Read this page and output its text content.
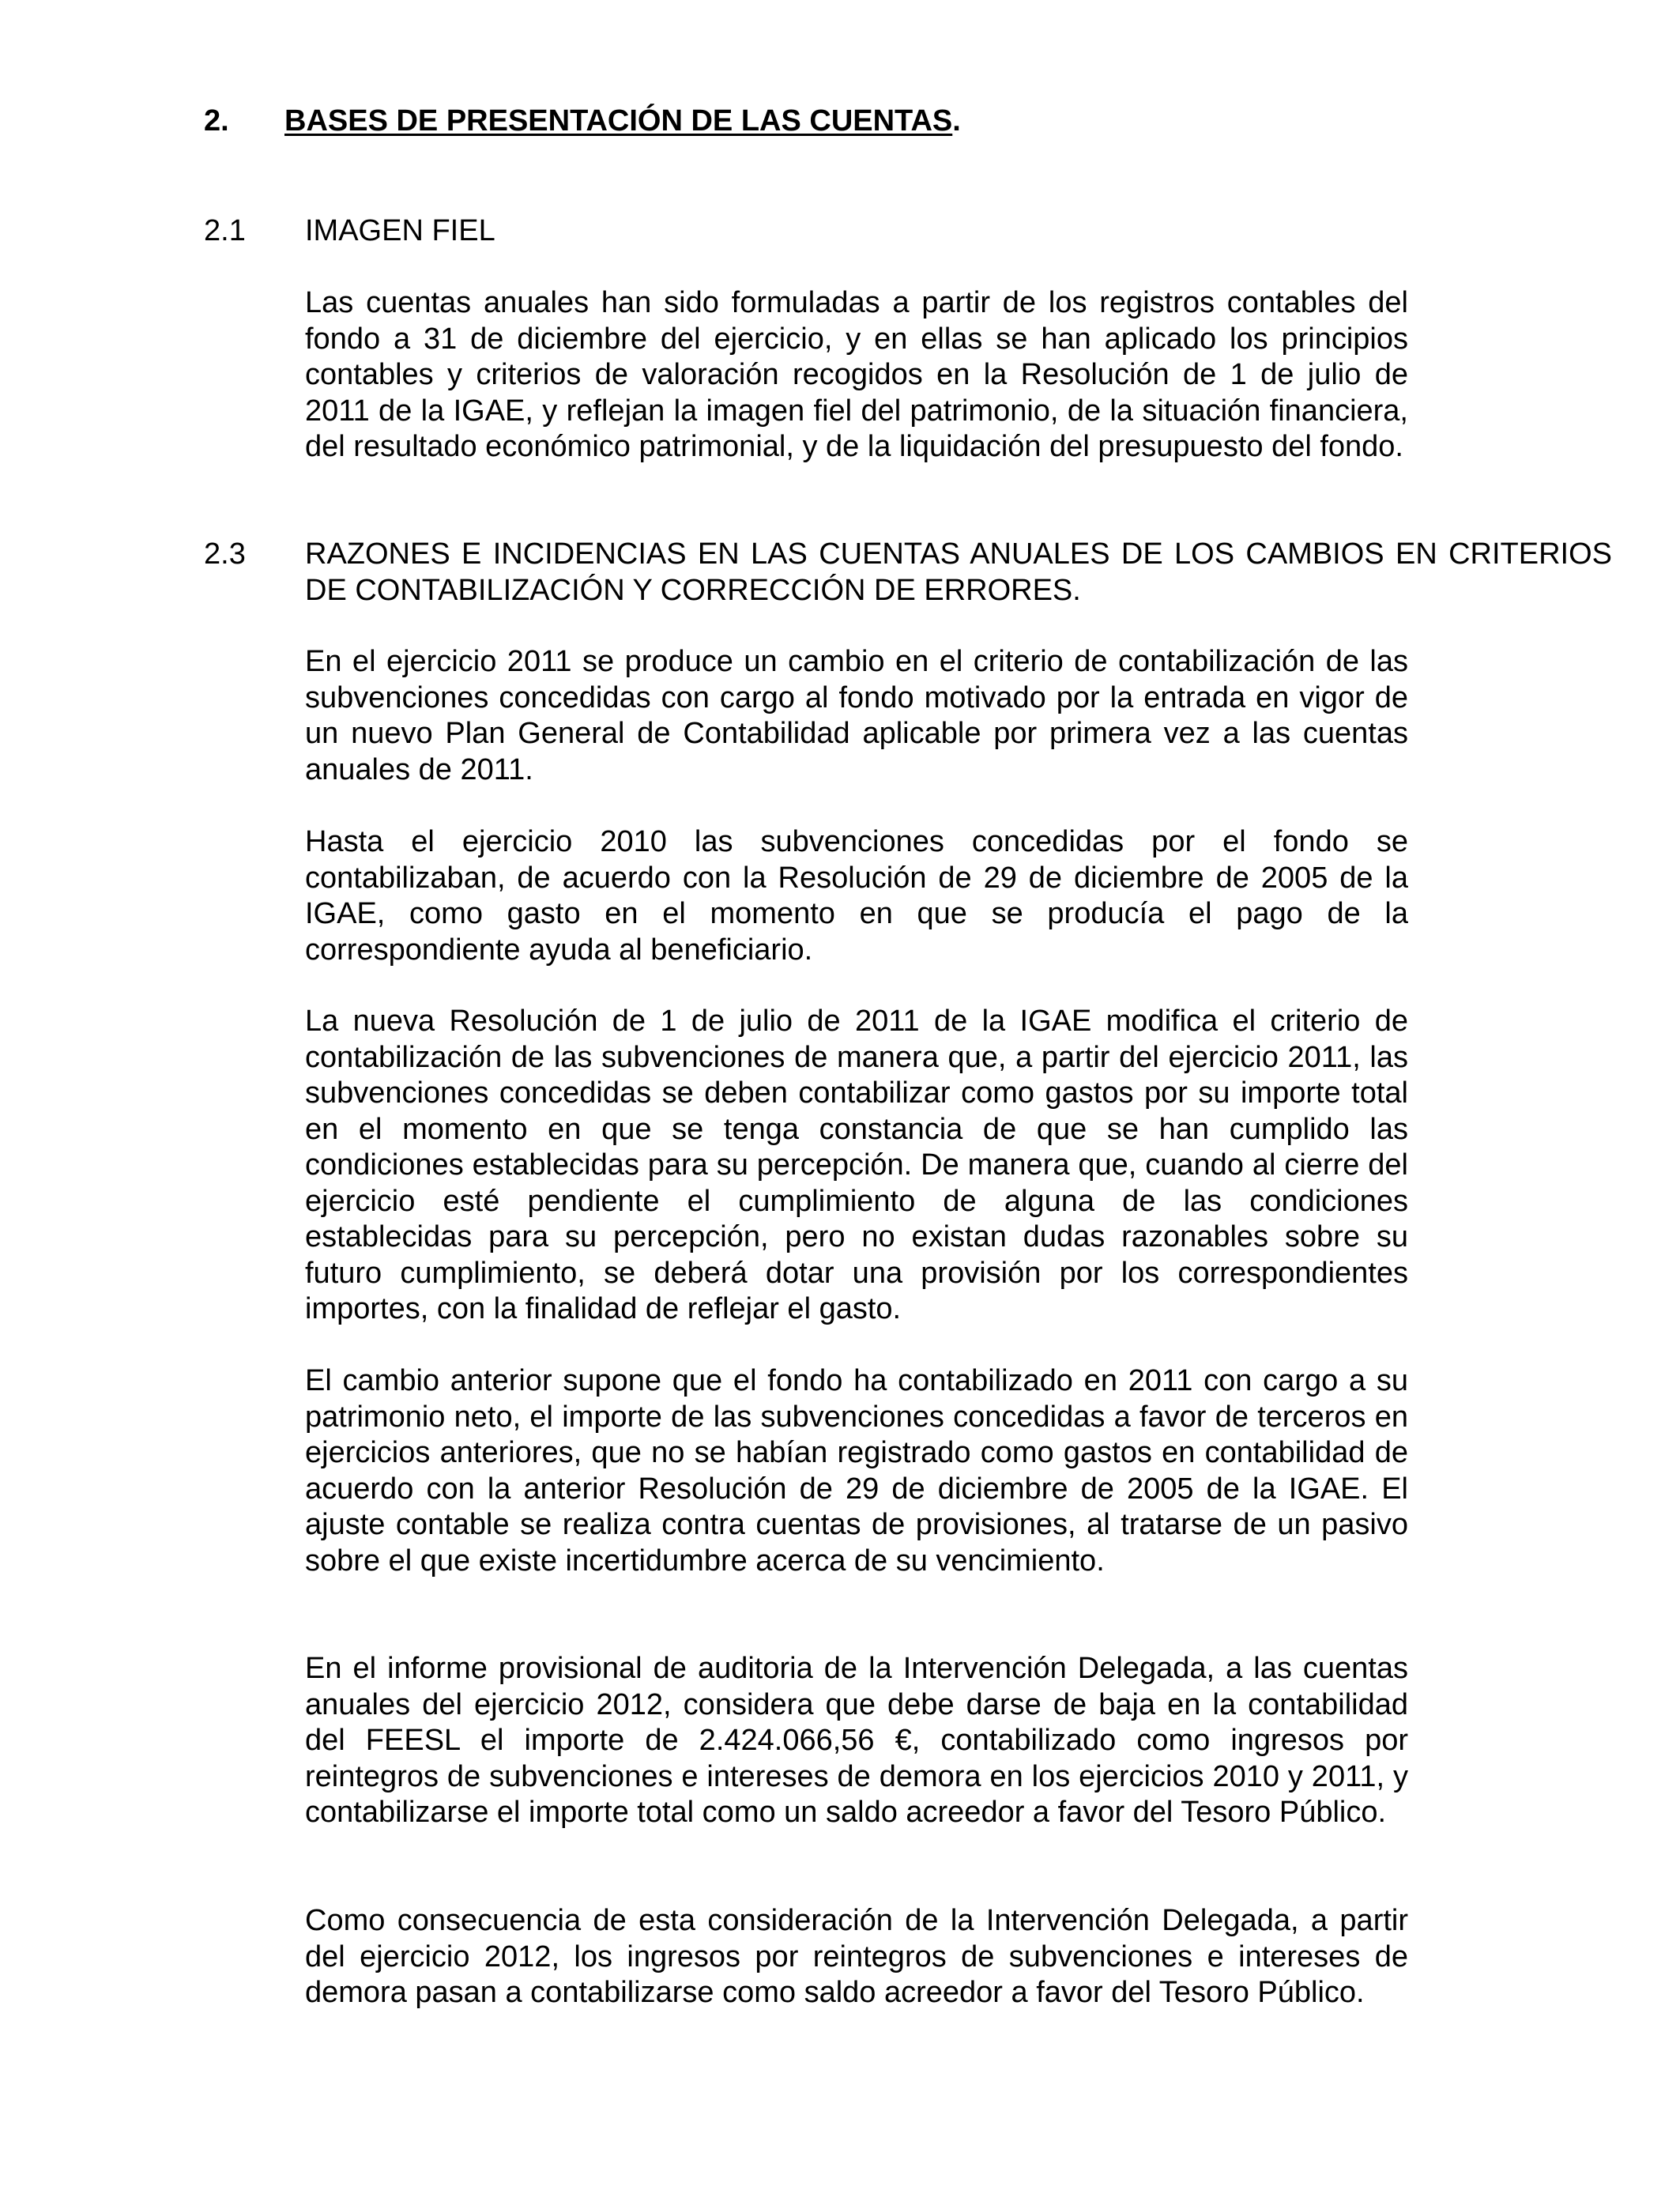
2. BASES DE PRESENTACIÓN DE LAS CUENTAS.
2.1	IMAGEN FIEL

Las cuentas anuales han sido formuladas a partir de los registros contables del fondo a 31 de diciembre del ejercicio, y en ellas se han aplicado los principios contables y criterios de valoración recogidos en la Resolución de 1 de julio de 2011 de la IGAE, y reflejan la imagen fiel del patrimonio, de la situación financiera, del resultado económico patrimonial, y de la liquidación del presupuesto del fondo.

2.3	RAZONES E INCIDENCIAS EN LAS CUENTAS ANUALES DE LOS CAMBIOS EN CRITERIOS DE CONTABILIZACIÓN Y CORRECCIÓN DE ERRORES.

En el ejercicio 2011 se produce un cambio en el criterio de contabilización de las subvenciones concedidas con cargo al fondo motivado por la entrada en vigor de un nuevo Plan General de Contabilidad aplicable por primera vez a las cuentas anuales de 2011.

Hasta el ejercicio 2010 las subvenciones concedidas por el fondo se contabilizaban, de acuerdo con la Resolución de 29 de diciembre de 2005 de la IGAE, como gasto en el momento en que se producía el pago de la correspondiente ayuda al beneficiario.

La nueva Resolución de 1 de julio de 2011 de la IGAE modifica el criterio de contabilización de las subvenciones de manera que, a partir del ejercicio 2011, las subvenciones concedidas se deben contabilizar como gastos por su importe total en el momento en que se tenga constancia de que se han cumplido las condiciones establecidas para su percepción. De manera que, cuando al cierre del ejercicio esté pendiente el cumplimiento de alguna de las condiciones establecidas para su percepción, pero no existan dudas razonables sobre su futuro cumplimiento, se deberá dotar una provisión por los correspondientes importes, con la finalidad de reflejar el gasto.

El cambio anterior supone que el fondo ha contabilizado en 2011 con cargo a su patrimonio neto, el importe de las subvenciones concedidas a favor de terceros en ejercicios anteriores, que no se habían registrado como gastos en contabilidad de acuerdo con la anterior Resolución de 29 de diciembre de 2005 de la IGAE. El ajuste contable se realiza contra cuentas de provisiones, al tratarse de un pasivo sobre el que existe incertidumbre acerca de su vencimiento.

En el informe provisional de auditoria de la Intervención Delegada, a las cuentas anuales del ejercicio 2012, considera que debe darse de baja en la contabilidad del FEESL el importe de 2.424.066,56 €, contabilizado como ingresos por reintegros de subvenciones e intereses de demora en los ejercicios 2010 y 2011, y contabilizarse el importe total como un saldo acreedor a favor del Tesoro Público.

Como consecuencia de esta consideración de la Intervención Delegada, a partir del ejercicio 2012, los ingresos por reintegros de subvenciones e intereses de demora pasan a contabilizarse como saldo acreedor a favor del Tesoro Público.
